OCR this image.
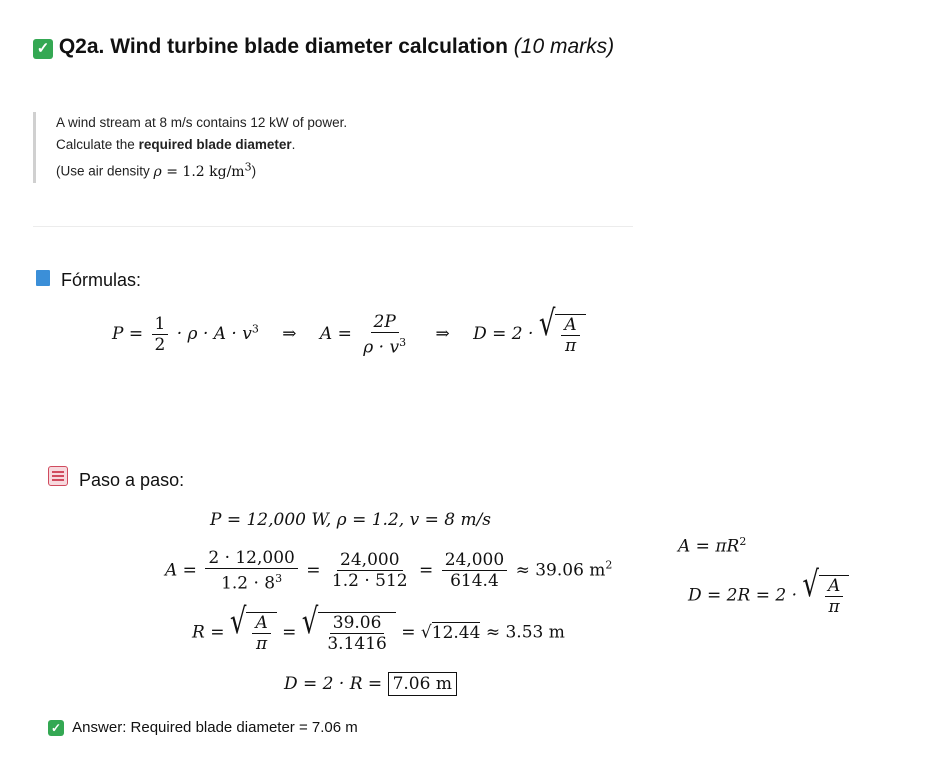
✓ Q2a. Wind turbine blade diameter calculation (10 marks)
A wind stream at 8 m/s contains 12 kW of power.
Calculate the required blade diameter.
(Use air density ρ = 1.2 $kg/m^3$)
Fórmulas:
$P = \frac{1}{2} \cdot \rho \cdot A \cdot v^3$ ⇒ $A = \frac{2P}{\rho \cdot v^3}$ ⇒ D = 2 · √ $\frac{A}{\pi}$
Paso a paso:
P = 12,000 W, ρ = 1.2, v = 8 m/s
$A = \frac{2 \cdot 12,000}{1.2 \cdot 8^3} = \frac{24,000}{1.2 \cdot 512} = \frac{24,000}{614.4} \approx 39.06$ $m^2$
R = √ $\frac{A}{\pi}$ = √ $\frac{39.06}{3.1416} = √12.44 \approx 3.53$ m
D = 2 · R = 7.06 m
$A = \pi R^2$
D = 2R = 2 · √ $\frac{A}{\pi}$
✓ Answer: Required blade diameter = 7.06 m
